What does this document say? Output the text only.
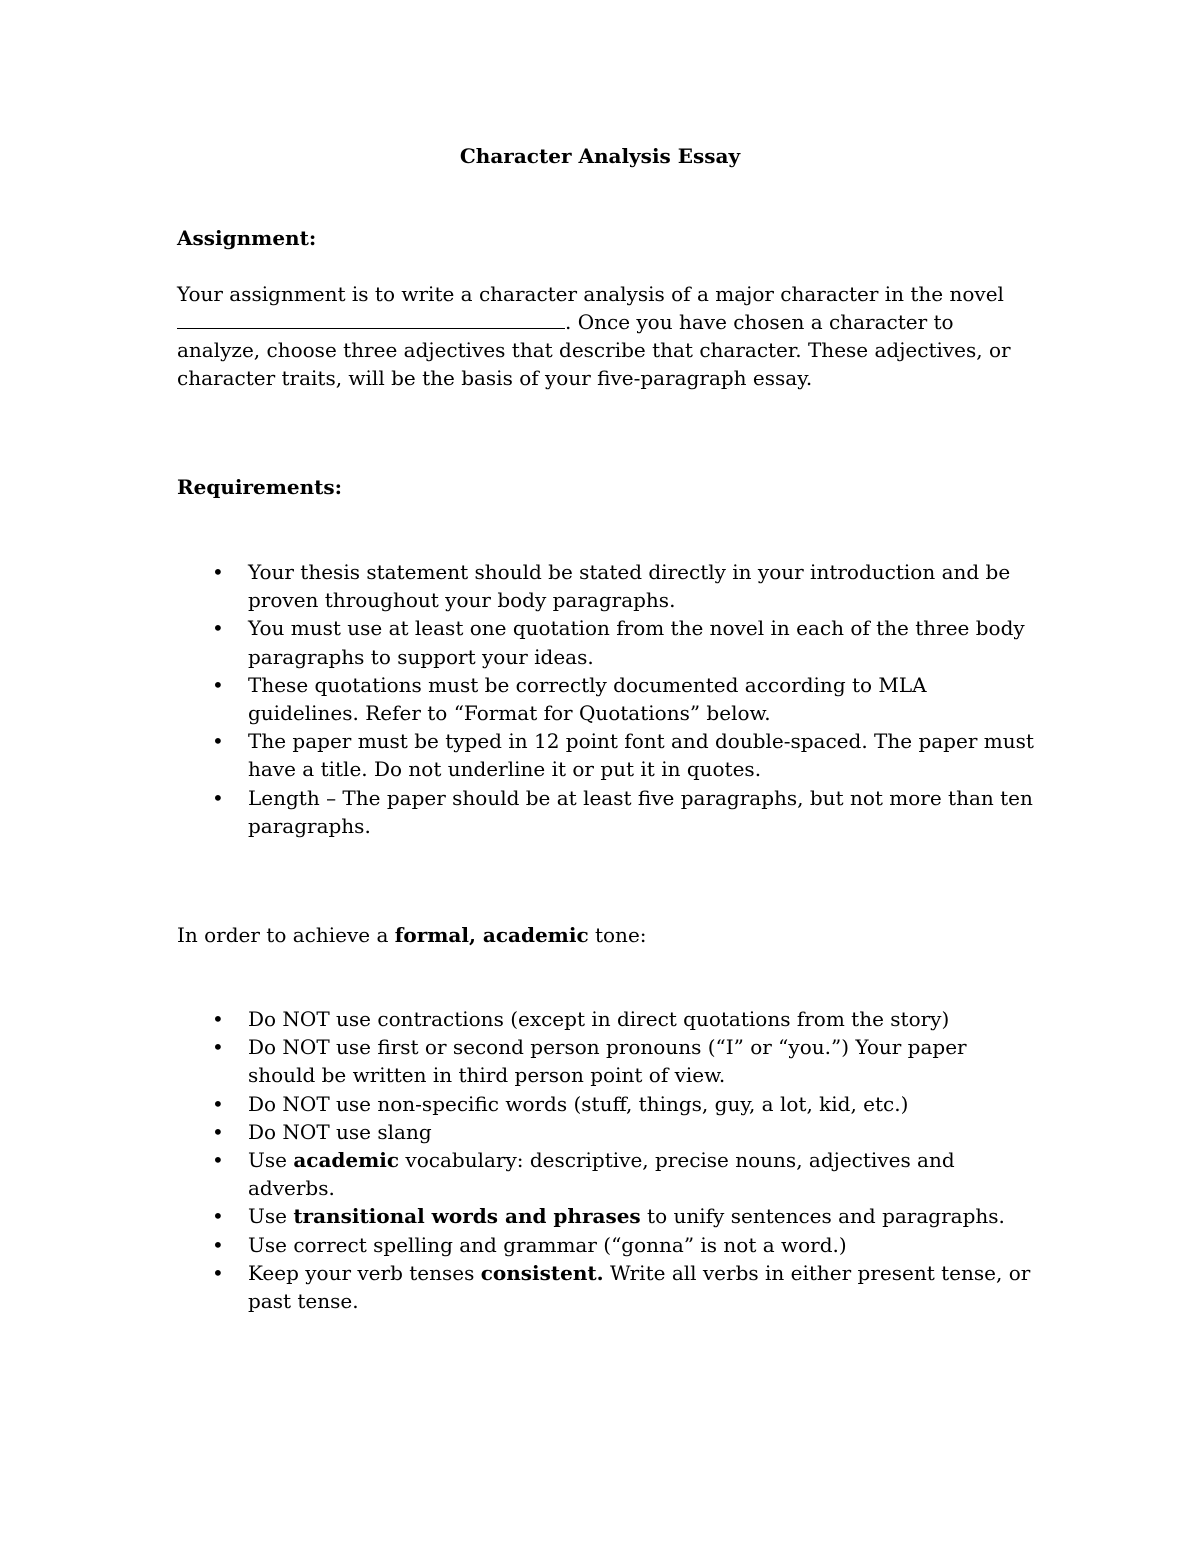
Character Analysis Essay
Assignment:
Your assignment is to write a character analysis of a major character in the novel. Once you have chosen a character to analyze, choose three adjectives that describe that character. These adjectives, or character traits, will be the basis of your five-paragraph essay.
Requirements:
• Your thesis statement should be stated directly in your introduction and be proven throughout your body paragraphs.
• You must use at least one quotation from the novel in each of the three body paragraphs to support your ideas.
• These quotations must be correctly documented according to MLA guidelines. Refer to “Format for Quotations” below.
• The paper must be typed in 12 point font and double-spaced. The paper must have a title. Do not underline it or put it in quotes.
• Length – The paper should be at least five paragraphs, but not more than ten paragraphs.
In order to achieve a formal, academic tone:
• Do NOT use contractions (except in direct quotations from the story)
• Do NOT use first or second person pronouns (“I” or “you.”) Your paper should be written in third person point of view.
• Do NOT use non-specific words (stuff, things, guy, a lot, kid, etc.)
• Do NOT use slang
• Use academic vocabulary: descriptive, precise nouns, adjectives and adverbs.
• Use transitional words and phrases to unify sentences and paragraphs.
• Use correct spelling and grammar (“gonna” is not a word.)
• Keep your verb tenses consistent. Write all verbs in either present tense, or past tense.
